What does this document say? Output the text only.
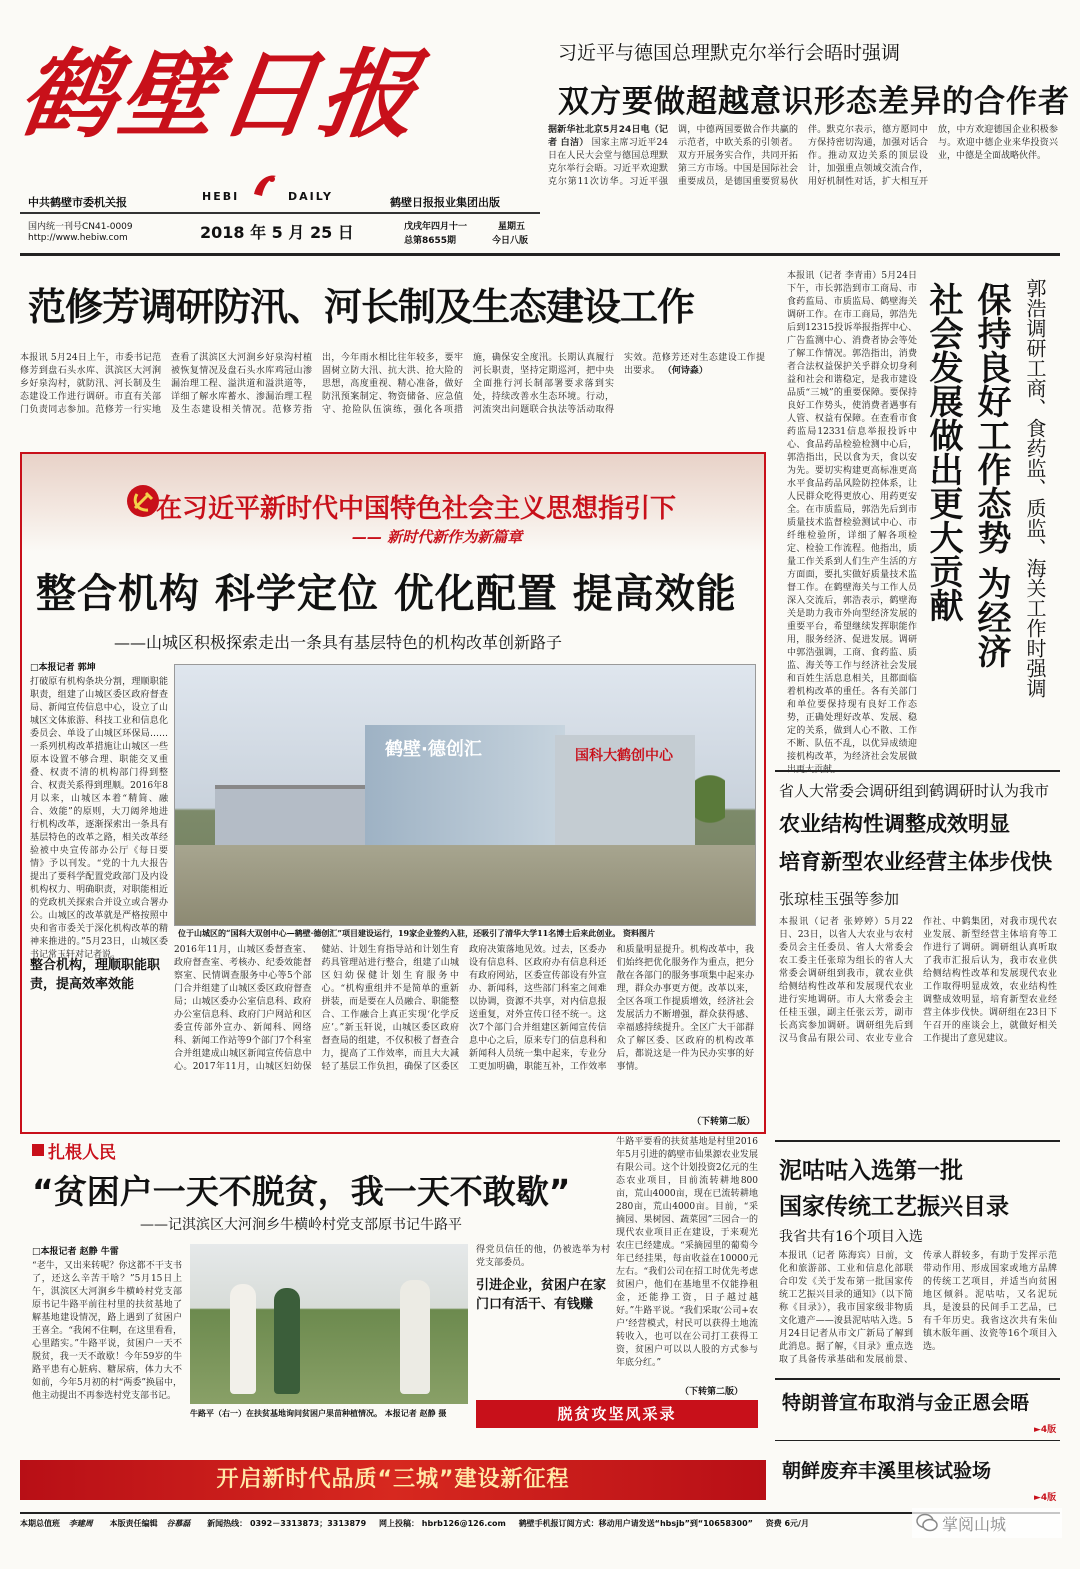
鹤壁日报
HEBI	DAILY
中共鹤壁市委机关报	鹤壁日报报业集团出版
国内统一刊号CN41-0009
http://www.hebiw.com	2018 年 5 月 25 日	戊戌年四月十一	星期五
总第8655期	今日八版
习近平与德国总理默克尔举行会晤时强调
双方要做超越意识形态差异的合作者
据新华社北京5月24日电（记者 白洁） 国家主席习近平24日在人民大会堂与德国总理默克尔举行会晤。习近平欢迎默克尔第11次访华。习近平强调，中德两国要做合作共赢的示范者，中欧关系的引领者。双方开展务实合作，共同开拓第三方市场。中国是国际社会重要成员，是德国重要贸易伙伴。默克尔表示，德方愿同中方保持密切沟通，加强对话合作。推动双边关系的顶层设计，加强重点领域交流合作，用好机制性对话，扩大相互开放，中方欢迎德国企业积极参与。欢迎中德企业来华投资兴业，中德是全面战略伙伴。
范修芳调研防汛、河长制及生态建设工作
本报讯 5月24日上午，市委书记范修芳到盘石头水库、淇滨区大河涧乡好泉沟村，就防汛、河长制及生态建设工作进行调研。市直有关部门负责同志参加。范修芳一行实地查看了淇滨区大河涧乡好泉沟村植被恢复情况及盘石头水库鸡冠山渗漏治理工程、溢洪道和溢洪道等，详细了解水库蓄水、渗漏治理工程及生态建设相关情况。范修芳指出，今年雨水相比往年较多，要牢固树立防大汛、抗大洪、抢大险的思想，高度重视、精心准备，做好防汛预案制定、物资储备、应急值守、抢险队伍演练，强化各项措施，确保安全度汛。长期认真履行河长职责，坚持定期巡河，把中央全面推行河长制部署要求落到实处，持续改善水生态环境。行动，河流突出问题联合执法等活动取得实效。范修芳还对生态建设工作提出要求。 （何诗淼）
在习近平新时代中国特色社会主义思想指引下
—— 新时代新作为新篇章
整合机构 科学定位 优化配置 提高效能
——山城区积极探索走出一条具有基层特色的机构改革创新路子
□本报记者 郭坤
打破原有机构条块分割，理顺职能职责，组建了山城区委区政府督查局、新闻宣传信息中心，设立了山城区文体旅游、科技工业和信息化委员会、单设了山城区环保局……一系列机构改革措施让山城区一些原本设置不够合理、职能交叉重叠、权责不清的机构部门得到整合、权责关系得到理顺。2016年8月以来，山城区本着“精简、融合、效能”的原则，大刀阔斧地进行机构改革，逐渐探索出一条具有基层特色的改革之路，相关改革经验被中央宣传部办公厅《每日要情》予以刊发。“党的十九大报告提出了要科学配置党政部门及内设机构权力、明确职责，对职能相近的党政机关探索合并设立或合署办公。山城区的改革就是严格按照中央和省市委关于深化机构改革的精神来推进的。”5月23日，山城区委书记常玉轩对记者说。
鹤壁·德创汇	国科大鹤创中心
位于山城区的“国科大双创中心—鹤壁·德创汇”项目建设运行，19家企业签约入驻，还吸引了清华大学11名博士后来此创业。 资料图片
整合机构，理顺职能职责，提高效率效能
2016年11月，山城区委督查室、政府督查室、考核办、纪委效能督察室、民情调查服务中心等5个部门合并组建了山城区委区政府督查局；山城区委办公室信息科、政府办公室信息科、政府门户网站和区委宣传部外宣办、新闻科、网络科、新闻工作站等9个部门7个科室合并组建成山城区新闻宣传信息中心。2017年11月，山城区妇幼保健站、计划生育指导站和计划生育药具管理站进行整合，组建了山城区妇幼保健计划生育服务中心。“机构重组并不是简单的重新拼装，而是要在人员融合、职能整合、工作融合上真正实现‘化学反应’。”新玉轩说，山城区委区政府督查局的组建，不仅积极了督查合力，提高了工作效率，而且大大减轻了基层工作负担，确保了区委区政府决策落地见效。过去，区委办设有信息科、区政府办有信息科还有政府网站，区委宣传部设有外宣办、新闻科，这些部门科室之间难以协调，资源不共享，对内信息报送重复，对外宣传口径不统一。这次7个部门合并组建区新闻宣传信息中心之后，原来专门的信息科和新闻科人员统一集中起来，专业分工更加明确，职能互补，工作效率和质量明显提升。机构改革中，我们始终把优化服务作为重点，把分散在各部门的服务事项集中起来办理，群众办事更方便。改革以来，全区各项工作提质增效，经济社会发展活力不断增强，群众获得感、幸福感持续提升。全区广大干部群众了解区委、区政府的机构改革后，都说这是一件为民办实事的好事情。
（下转第二版）
本报讯（记者 李青甫）5月24日下午，市长郭浩到市工商局、市食药监局、市质监局、鹤壁海关调研工作。在市工商局，郭浩先后到12315投诉举报指挥中心、广告监测中心、消费者协会等处了解工作情况。郭浩指出，消费者合法权益保护关乎群众切身利益和社会和谐稳定，是我市建设品质“三城”的重要保障。要保持良好工作势头，使消费者遇事有人管、权益有保障。在查看市食药监局12331信息举报投诉中心、食品药品检验检测中心后，郭浩指出，民以食为天，食以安为先。要切实构建更高标准更高水平食品药品风险防控体系，让人民群众吃得更放心、用药更安全。在市质监局，郭浩先后到市质量技术监督检验测试中心、市纤维检验所，详细了解各项检定、检验工作流程。他指出，质量工作关系到人们生产生活的方方面面，要扎实做好质量技术监督工作。在鹤壁海关与工作人员深入交流后，郭浩表示，鹤壁海关是助力我市外向型经济发展的重要平台，希望继续发挥职能作用，服务经济、促进发展。调研中郭浩强调，工商、食药监、质监、海关等工作与经济社会发展和百姓生活息息相关，且都面临着机构改革的重任。各有关部门和单位要保持现有良好工作态势，正确处理好改革、发展、稳定的关系，做到人心不散、工作不断、队伍不乱，以优异成绩迎接机构改革，为经济社会发展做
社会发展做出更大贡献 保持良好工作态势 为经济 郭浩调研工商、食药监、质监、海关工作时强调
省人大常委会调研组到鹤调研时认为我市
农业结构性调整成效明显
培育新型农业经营主体步伐快
张琼桂玉强等参加
本报讯（记者 张婷婷）5月22日、23日，以省人大农业与农村委员会主任委员、省人大常委会农工委主任张琼为组长的省人大常委会调研组到我市，就农业供给侧结构性改革和发展现代农业进行实地调研。市人大常委会主任桂玉强，副主任张云芳，副市长高宾参加调研。调研组先后到汉马食品有限公司、农业专业合作社、中鹤集团，对我市现代农业发展、新型经营主体培育等工作进行了调研。调研组认真听取了我市汇报后认为，我市农业供给侧结构性改革和发展现代农业工作取得明显成效，农业结构性调整成效明显，培育新型农业经营主体步伐快。调研组在23日下午召开的座谈会上，就做好相关工作提出了意见建议。
扎根人民
“贫困户一天不脱贫，我一天不敢歇”
——记淇滨区大河涧乡牛横岭村党支部原书记牛路平
□本报记者 赵静 牛雷
“老牛，又出来转呢？你这都不干支书了，还这么辛苦干啥？”5月15日上午，淇滨区大河涧乡牛横岭村党支部原书记牛路平前往村里的扶贫基地了解基地建设情况，路上遇到了贫困户王喜全。“我闲不住啊，在这里看看，心里踏实。”牛路平说，贫困户一天不脱贫，我一天不敢歇！今年59岁的牛路平患有心脏病、糖尿病，体力大不如前，今年5月初的村“两委”换届中，他主动提出不再参选村党支部书记。
牛路平（右一）在扶贫基地询问贫困户果苗种植情况。 本报记者 赵静 摄
得党员信任的他，仍被选举为村党支部委员。
引进企业，贫困户在家门口有活干、有钱赚
牛路平要看的扶贫基地是村里2016年5月引进的鹤壁市仙果源农业发展有限公司。这个计划投资2亿元的生态农业项目，目前流转耕地800亩，荒山4000亩，现在已流转耕地280亩，荒山4000亩。目前，“采摘园、果树园、蔬菜园”三园合一的现代农业项目正在建设，于来观光农庄已经建成。“采摘园里的葡萄今年已经挂果，每亩收益在10000元左右。“我们公司在招工时优先考虑贫困户，他们在基地里不仅能挣租金，还能挣工资，日子越过越好。”牛路平说。“我们采取‘公司+农户’经营模式，村民可以获得土地流转收入，也可以在公司打工获得工资，贫困户可以以人股的方式参与年底分红。”
（下转第二版）
脱贫攻坚风采录
开启新时代品质“三城”建设新征程
泥咕咕入选第一批
国家传统工艺振兴目录
我省共有16个项目入选
本报讯（记者 陈海宾）日前，文化和旅游部、工业和信息化部联合印发《关于发布第一批国家传统工艺振兴目录的通知》（以下简称《目录》），我市国家级非物质文化遗产——浚县泥咕咕入选。5月24日记者从市文广新局了解到此消息。据了解，《目录》重点选取了具备传承基础和发展前景、传承人群较多，有助于发挥示范带动作用、形成国家或地方品牌的传统工艺项目，并适当向贫困地区倾斜。泥咕咕，又名泥玩具，是浚县的民间手工艺品，已有千年历史。我省这次共有朱仙镇木版年画、汝瓷等16个项目入选。
特朗普宣布取消与金正恩会晤
►4版
朝鲜废弃丰溪里核试验场
►4版
本期总值班 李建周 本版责任编辑 谷慕磊 新闻热线： 0392－3313873；3313879 网上投稿： hbrb126@126.com 鹤壁手机报订阅方式：移动用户请发送“hbsjb”到“10658300” 资费 6元/月	掌阅山城
